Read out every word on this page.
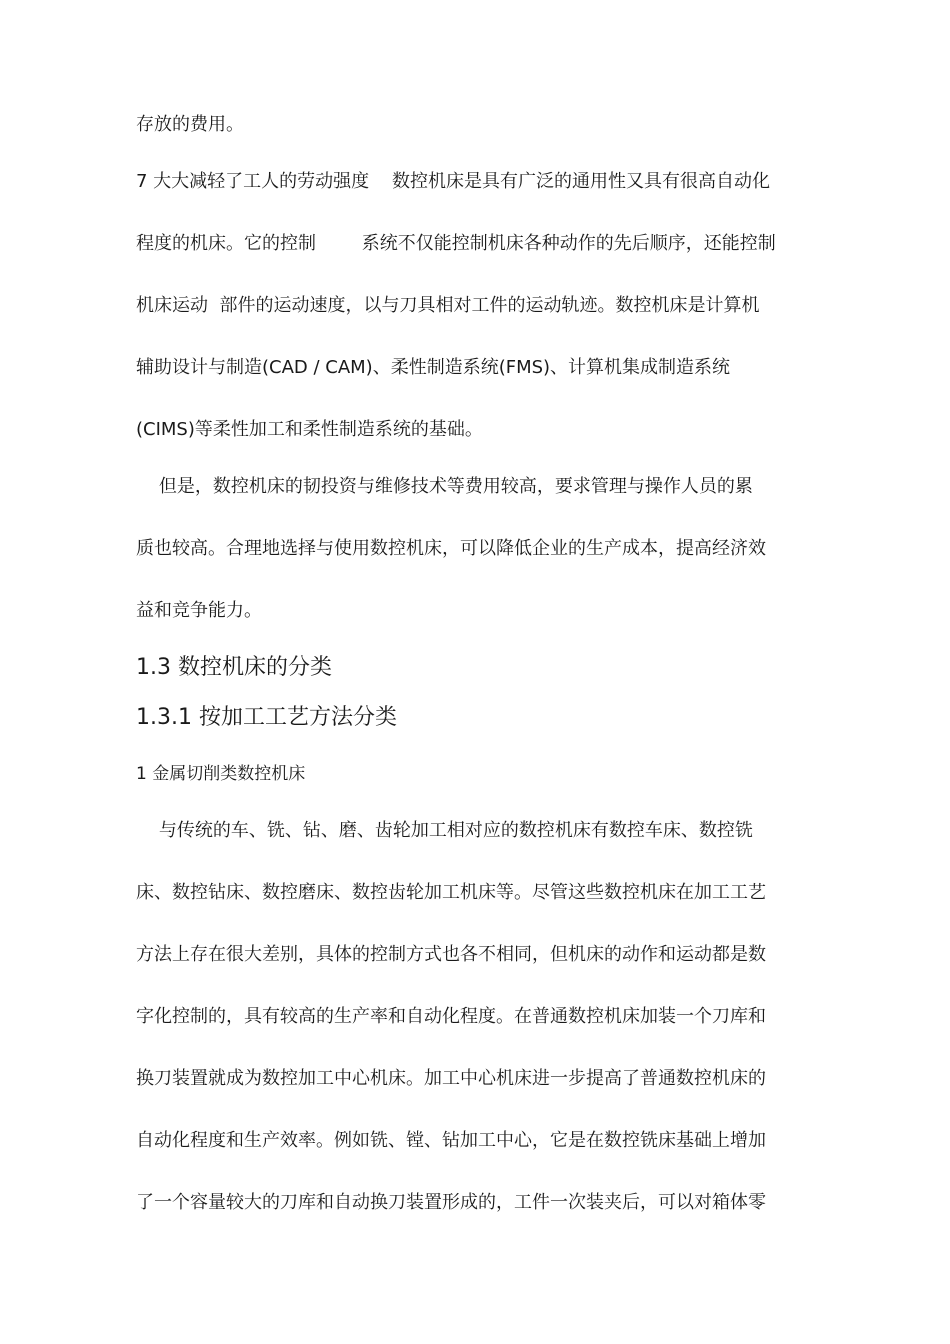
存放的费用。
7 大大减轻了工人的劳动强度    数控机床是具有广泛的通用性又具有很高自动化
程度的机床。它的控制        系统不仅能控制机床各种动作的先后顺序，还能控制
机床运动  部件的运动速度，以与刀具相对工件的运动轨迹。数控机床是计算机
辅助设计与制造(CAD / CAM)、柔性制造系统(FMS)、计算机集成制造系统
(CIMS)等柔性加工和柔性制造系统的基础。
但是，数控机床的韧投资与维修技术等费用较高，要求管理与操作人员的累
质也较高。合理地选择与使用数控机床，可以降低企业的生产成本，提高经济效
益和竞争能力。
1.3 数控机床的分类
1.3.1 按加工工艺方法分类
1 金属切削类数控机床
与传统的车、铣、钻、磨、齿轮加工相对应的数控机床有数控车床、数控铣
床、数控钻床、数控磨床、数控齿轮加工机床等。尽管这些数控机床在加工工艺
方法上存在很大差别，具体的控制方式也各不相同，但机床的动作和运动都是数
字化控制的，具有较高的生产率和自动化程度。在普通数控机床加装一个刀库和
换刀装置就成为数控加工中心机床。加工中心机床进一步提高了普通数控机床的
自动化程度和生产效率。例如铣、镗、钻加工中心，它是在数控铣床基础上增加
了一个容量较大的刀库和自动换刀装置形成的，工件一次装夹后，可以对箱体零
